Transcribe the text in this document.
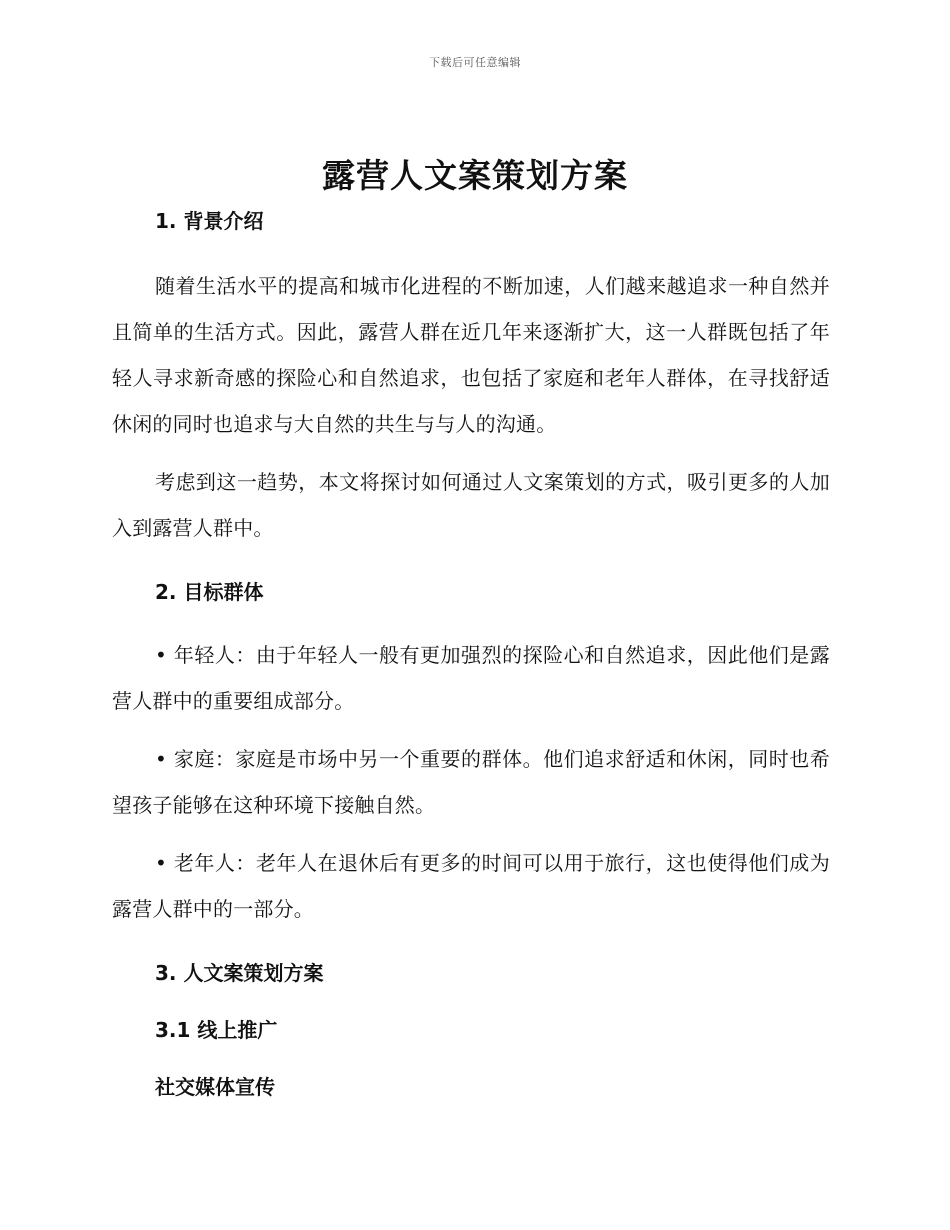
下载后可任意编辑
露营人文案策划方案
1. 背景介绍

随着生活水平的提高和城市化进程的不断加速，人们越来越追求一种自然并且简单的生活方式。因此，露营人群在近几年来逐渐扩大，这一人群既包括了年轻人寻求新奇感的探险心和自然追求，也包括了家庭和老年人群体，在寻找舒适休闲的同时也追求与大自然的共生与与人的沟通。

考虑到这一趋势，本文将探讨如何通过人文案策划的方式，吸引更多的人加入到露营人群中。

2. 目标群体

• 年轻人：由于年轻人一般有更加强烈的探险心和自然追求，因此他们是露营人群中的重要组成部分。

• 家庭：家庭是市场中另一个重要的群体。他们追求舒适和休闲，同时也希望孩子能够在这种环境下接触自然。

• 老年人：老年人在退休后有更多的时间可以用于旅行，这也使得他们成为露营人群中的一部分。

3. 人文案策划方案
3.1 线上推广
社交媒体宣传
